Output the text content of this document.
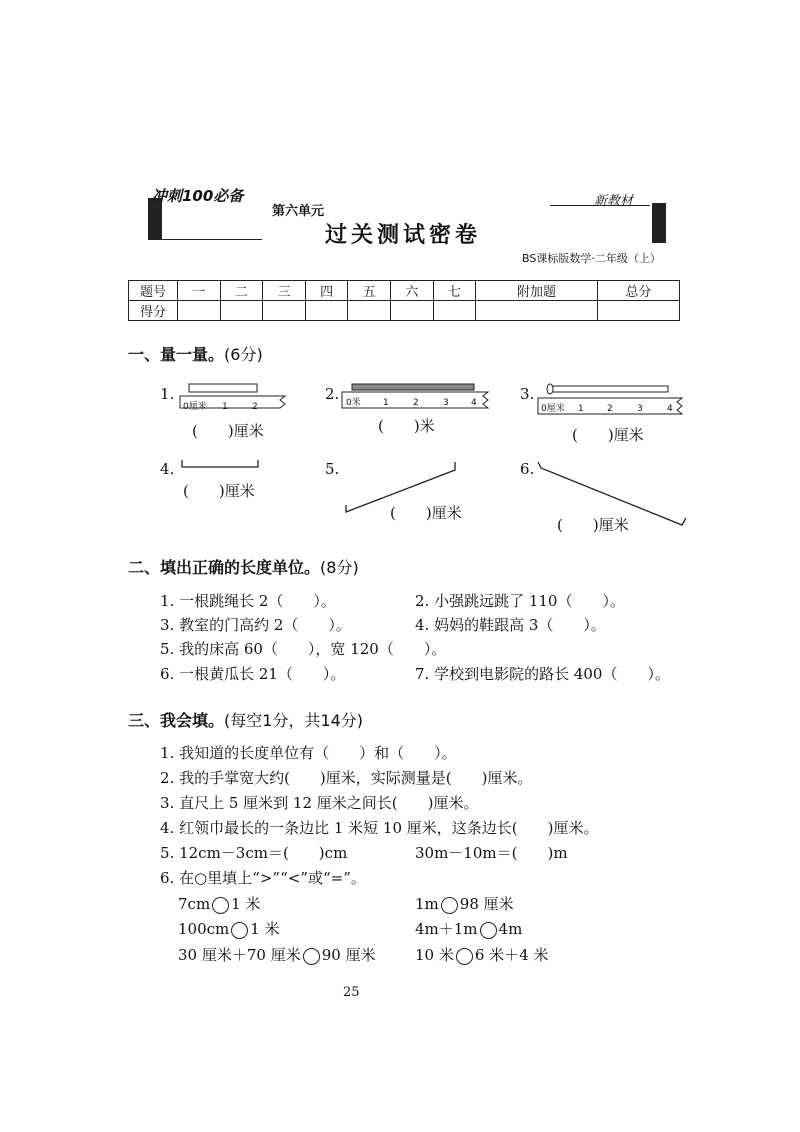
冲刺100必备
第六单元
新教材
过关测试密卷
BS课标版数学·二年级（上）
题号	一	二	三	四	五	六	七	附加题	总分
得分									
一、量一量。(6分)
1.	2.	3.
4.	5.	6.
0厘米 1	2	0米 1	2	3 4
0厘米 1	2	3	4
(　　)厘米	(　　)米	(　　)厘米
(　　)厘米
(　　)厘米
(　　)厘米
二、填出正确的长度单位。(8分)
1. 一根跳绳长 2（　　）。	2. 小强跳远跳了 110（　　）。
3. 教室的门高约 2（　　）。	4. 妈妈的鞋跟高 3（　　）。
5. 我的床高 60（　　），宽 120（　　）。
6. 一根黄瓜长 21（　　）。	7. 学校到电影院的路长 400（　　）。
三、我会填。(每空1分，共14分)
1. 我知道的长度单位有（　　）和（　　）。
2. 我的手掌宽大约(　　)厘米，实际测量是(　　)厘米。
3. 直尺上 5 厘米到 12 厘米之间长(　　)厘米。
4. 红领巾最长的一条边比 1 米短 10 厘米，这条边长(　　)厘米。
5. 12cm－3cm＝(　　)cm	30m－10m＝(　　)m
6. 在○里填上“>”“<”或“=”。
7cm 1 米	1m 98 厘米
100cm 1 米	4m＋1m 4m
30 厘米＋70 厘米 90 厘米	10 米 6 米＋4 米
25
